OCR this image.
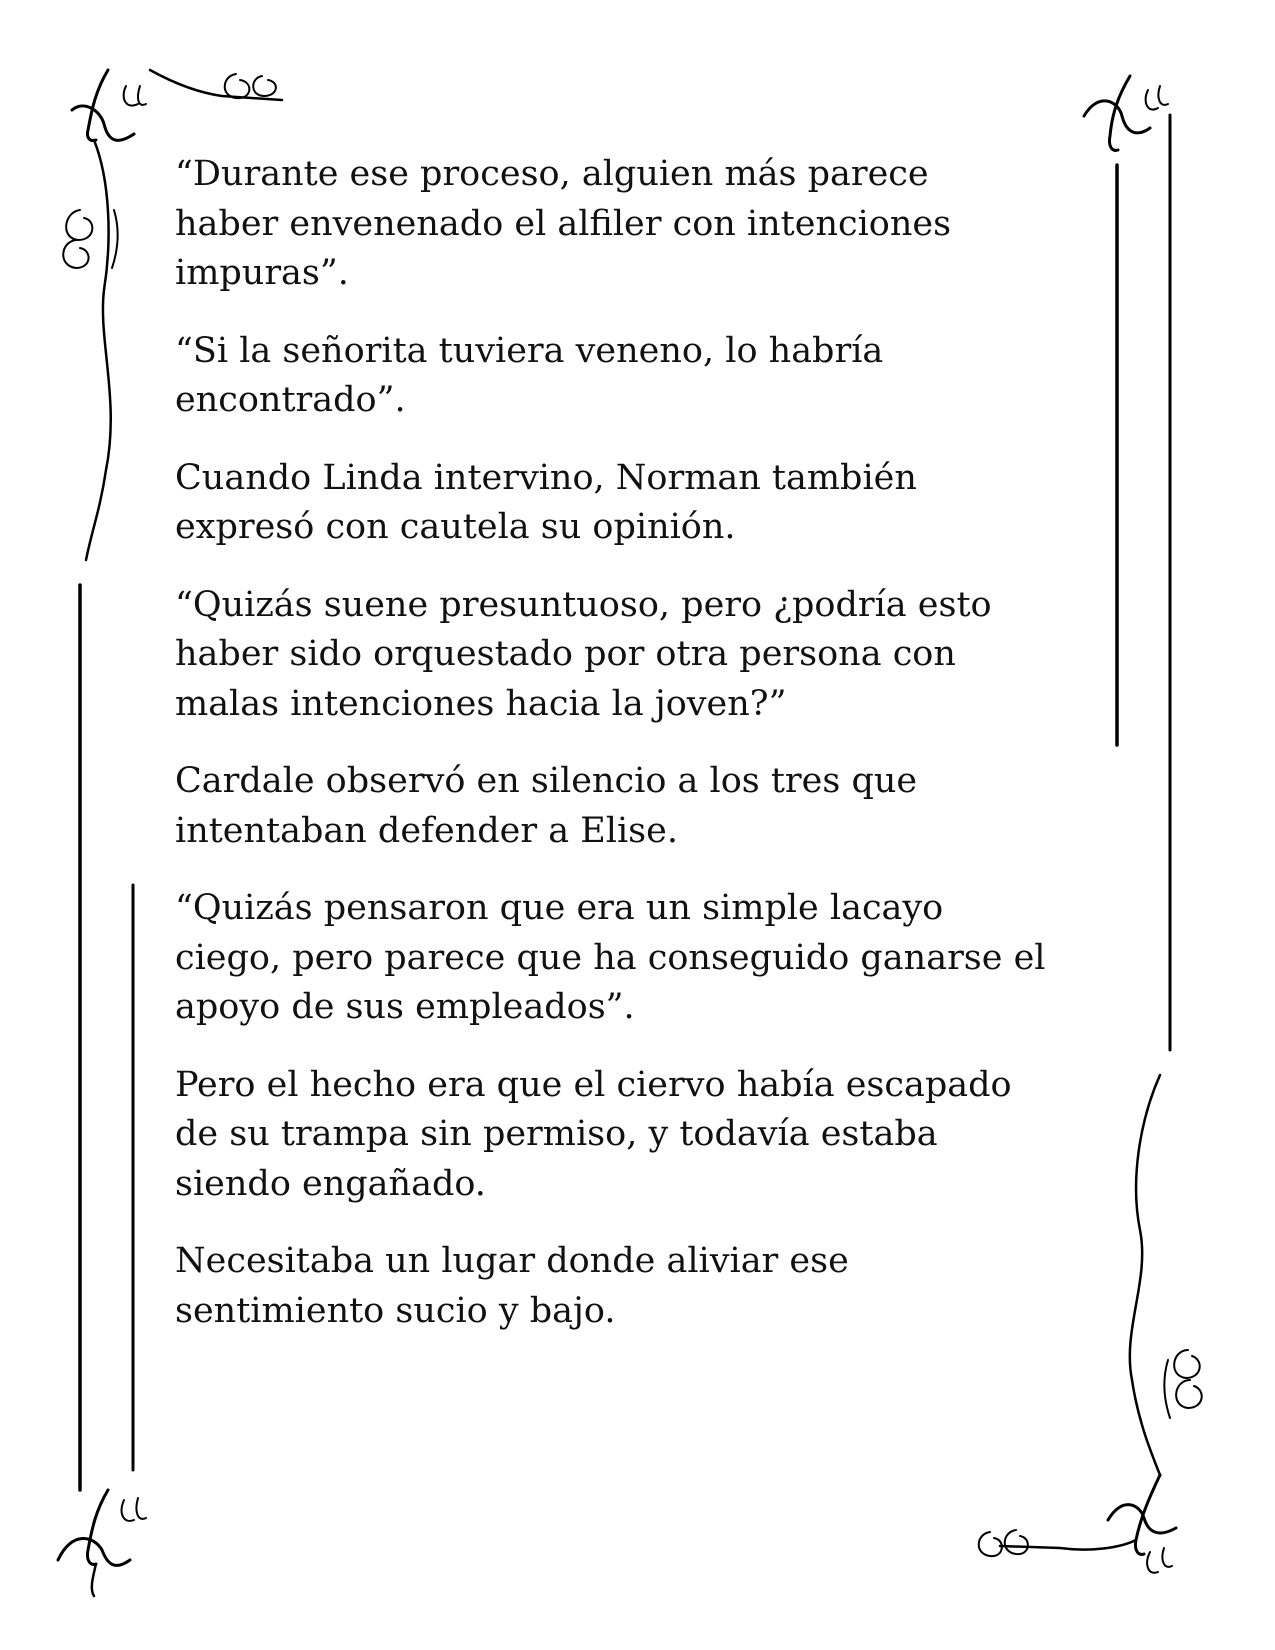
“Durante ese proceso, alguien más parece
haber envenenado el alfiler con intenciones
impuras”.

“Si la señorita tuviera veneno, lo habría
encontrado”.

Cuando Linda intervino, Norman también
expresó con cautela su opinión.

“Quizás suene presuntuoso, pero ¿podría esto
haber sido orquestado por otra persona con
malas intenciones hacia la joven?”

Cardale observó en silencio a los tres que
intentaban defender a Elise.

“Quizás pensaron que era un simple lacayo
ciego, pero parece que ha conseguido ganarse el
apoyo de sus empleados”.

Pero el hecho era que el ciervo había escapado
de su trampa sin permiso, y todavía estaba
siendo engañado.

Necesitaba un lugar donde aliviar ese
sentimiento sucio y bajo.
